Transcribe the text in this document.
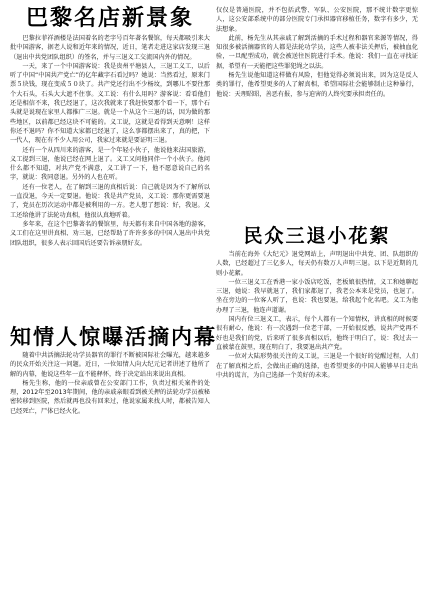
巴黎名店新景象

巴黎拉菲祥酒楼是法国着名的老字号百年著名餐馆，每天都吸引来大批中国游客，据老人说和近年来的情况，近日，笔者走进这家店发现三退（退出中共党团队组织）的签名，并与三退义工交流国内外的情况。

一天，来了一个中国游客说：我是贵州平塘县人，三退工义工，以后听了中国“中国共产党亡”的亿年藏字石看过吗？她说：当然看过，原来门票５块钱，现在变成５０块了。共产党还行出不少杨坟，到哪儿不要往那个大石头，石头大大遮不住事。义工说：有什么用吗？游客说：看看他们还是相信不来，我已经退了，这次我就来了我赶快要那个看一下，那个石头就是说现在家里人都推广三退。就是一个从这个三退的话，因为做的那些地区，以前都已经这块不可能的。义工说，这就是看得到天意啊！这样你还不退吗？你不知道大家都已经退了，这么事都摆出来了，真的把，下一代人，现在有不少人用公司，我家过来就是要证明三退。

还有一个从四川来的游客，是一个年轻小伙子，他说他来法国旅游，义工提到三退，他说已经在网上退了。义工又问他同伴一个小伙子。他问什么都不知道，对共产党不满意，义工讲了一下，他不愿意说自己的名字，就说：我同意退。另外的人也在听。

还有一位老人，在了解到三退的真相后说：自己就是因为不了解所以一直没退，今天一定要退。他说：我是共产党员，义工说：那你更需要退了，党员在历次运动中都是被利用的一方。老人想了想说：好，我退。义工还给他讲了法轮功真相，他很认真地听着。

多年来，在这个巴黎著名的餐馆里，每天都有来自中国各地的游客，义工们在这里讲真相、劝三退，已经帮助了许许多多的中国人退出中共党团队组织，很多人表示回国后还要告诉亲朋好友。

知情人惊曝活摘内幕

随着中共活摘法轮功学员器官的罪行不断被国际社会曝光，越来越多的民众开始关注这一问题。近日，一位知情人向大纪元记者讲述了他所了解的内幕，他说这些年一直不能释怀，终于决定站出来说出真相。

杨先生称，他的一位亲戚曾在公安部门工作，负责过相关案件的处理，2012年至2013年期间，他的亲戚亲眼看到被关押的法轮功学员被秘密转移到医院，然后就再也没有回来过，他说家属来找人时，都被告知人已经死亡，尸体已经火化。

仅仅是普通医院，并不包括武警、军队、公安医院，那不统计数字更惊人，这公安部系统中的部分医院专门承担器官移植任务，数字有多少，无法想象。

此前，杨先生从其亲戚了解到活摘的手术过程和器官来源等情况，得知很多被活摘器官的人都是法轮功学员，这些人被非法关押后，被抽血化验，一旦配型成功，就会被送往医院进行手术。他说：我们一直在寻找证据，希望有一天能把这些罪犯绳之以法。

杨先生说他知道这样做有风险，但他觉得必须说出来，因为这是反人类的罪行，他希望更多的人了解真相，希望国际社会能够制止这种暴行，他说：天理昭昭，善恶有报，参与迫害的人终究要承担责任的。

民众三退小花絮

当前在海外《大纪元》退党网站上，声明退出中共党、团、队组织的人数，已经超过了三亿多人，每天仍有数万人声明三退。以下是近期的几则小花絮。

一位三退义工在香港一家小饭店吃饭，老板娘很热情，义工和她聊起三退，她说：我早就退了，我们家都退了，我老公本来是党员，也退了。坐在旁边的一位客人听了，也说：我也要退，给我起个化名吧。义工为他办理了三退，他连声道谢。

国内有位三退义工，表示，每个人都有一个知情权，讲真相的时候要很有耐心，他说：有一次遇到一位老干部，一开始很反感，说共产党再不好也是我们的党，后来听了很多真相以后，他终于明白了，说：我过去一直被蒙在鼓里，现在明白了，我要退出共产党。

一位对大陆形势很关注的义工说，三退是一个很好的觉醒过程，人们在了解真相之后，会做出正确的选择，也希望更多的中国人能够早日走出中共的谎言，为自己选择一个美好的未来。
